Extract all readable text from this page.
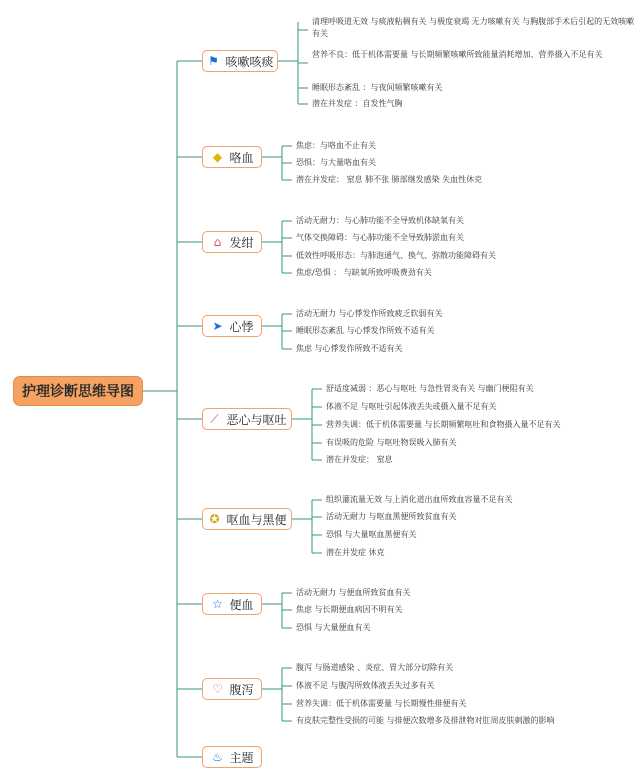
护理诊断思维导图
⚑ 咳嗽咳痰
清理呼吸道无效 与痰液粘稠有关 与极度衰竭 无力咳嗽有关 与胸腹部手术后引起的无效咳嗽有关
营养不良：低于机体需要量 与长期频繁咳嗽所致能量消耗增加、营养摄入不足有关
睡眠形态紊乱 ：与夜间频繁咳嗽有关
潜在并发症 ：自发性气胸
◆ 咯血
焦虑：与咯血不止有关
恐惧：与大量咯血有关
潜在并发症： 窒息 肺不张 肺部继发感染 失血性休克
⌂ 发绀
活动无耐力：与心肺功能不全导致机体缺氧有关
气体交换障碍：与心肺功能不全导致肺淤血有关
低效性呼吸形态：与肺泡通气、换气、弥散功能障碍有关
焦虑/恐惧 ： 与缺氧所致呼吸费劲有关
➤ 心悸
活动无耐力 与心悸发作所致疲乏软弱有关
睡眠形态紊乱 与心悸发作所致不适有关
焦虑 与心悸发作所致不适有关
⟋ 恶心与呕吐
舒适度减弱 ：恶心与呕吐 与急性胃炎有关 与幽门梗阻有关
体液不足 与呕吐引起体液丢失或摄入量不足有关
营养失调：低于机体需要量 与长期频繁呕吐和食物摄入量不足有关
有误吸的危险 与呕吐物误吸入肺有关
潜在并发症： 窒息
✪ 呕血与黑便
组织灌流量无效 与上消化道出血所致血容量不足有关
活动无耐力 与呕血黑便所致贫血有关
恐惧 与大量呕血黑便有关
潜在并发症 休克
☆ 便血
活动无耐力 与便血所致贫血有关
焦虑 与长期便血病因不明有关
恐惧 与大量便血有关
♡ 腹泻
腹泻 与肠道感染 、炎症、胃大部分切除有关
体液不足 与腹泻所致体液丢失过多有关
营养失调：低于机体需要量 与长期慢性排便有关
有皮肤完整性受损的可能 与排便次数增多及排泄物对肛周皮肤刺激的影响
♨ 主题
